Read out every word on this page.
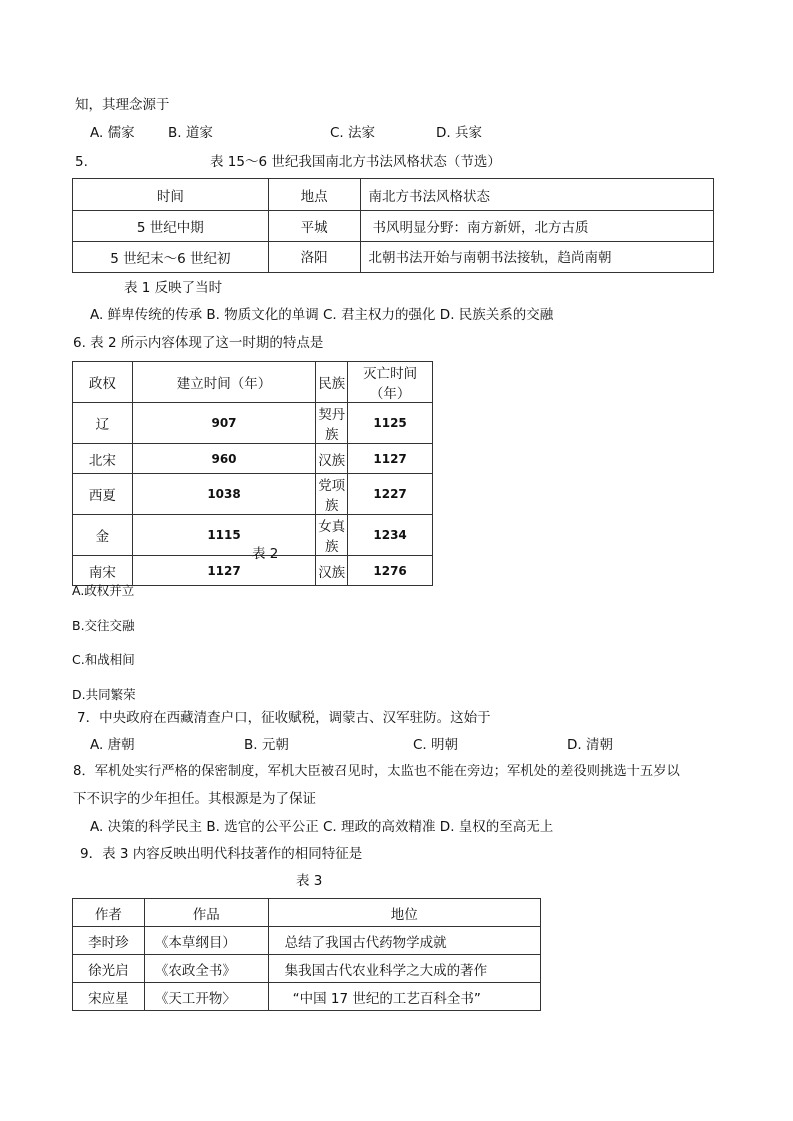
知，其理念源于
A. 儒家 B. 道家	C. 法家	D. 兵家
5.	表 15～6 世纪我国南北方书法风格状态（节选）
时间	地点	南北方书法风格状态
5 世纪中期	平城	书风明显分野：南方新妍，北方古质
5 世纪末～6 世纪初	洛阳	北朝书法开始与南朝书法接轨，趋尚南朝
表 1 反映了当时
A. 鲜卑传统的传承 B. 物质文化的单调 C. 君主权力的强化 D. 民族关系的交融
6. 表 2 所示内容体现了这一时期的特点是
政权	建立时间（年）	民族	灭亡时间（年）
辽	907	契丹族	1125
北宋	960	汉族	1127
西夏	1038	党项族	1227
金	1115	女真族	1234
南宋	1127	汉族	1276
表 2
A.政权并立
B.交往交融
C.和战相间
D.共同繁荣
7．中央政府在西藏清查户口，征收赋税，调蒙古、汉军驻防。这始于
A. 唐朝	B. 元朝	C. 明朝	D. 清朝
8．军机处实行严格的保密制度，军机大臣被召见时，太监也不能在旁边；军机处的差役则挑选十五岁以
下不识字的少年担任。其根源是为了保证
A. 决策的科学民主 B. 选官的公平公正 C. 理政的高效精准 D. 皇权的至高无上
9．表 3 内容反映出明代科技著作的相同特征是
表 3
作者	作品	地位
李时珍	《本草纲目）	总结了我国古代药物学成就
徐光启	《农政全书》	集我国古代农业科学之大成的著作
宋应星	《天工开物〉	“中国 17 世纪的工艺百科全书”
